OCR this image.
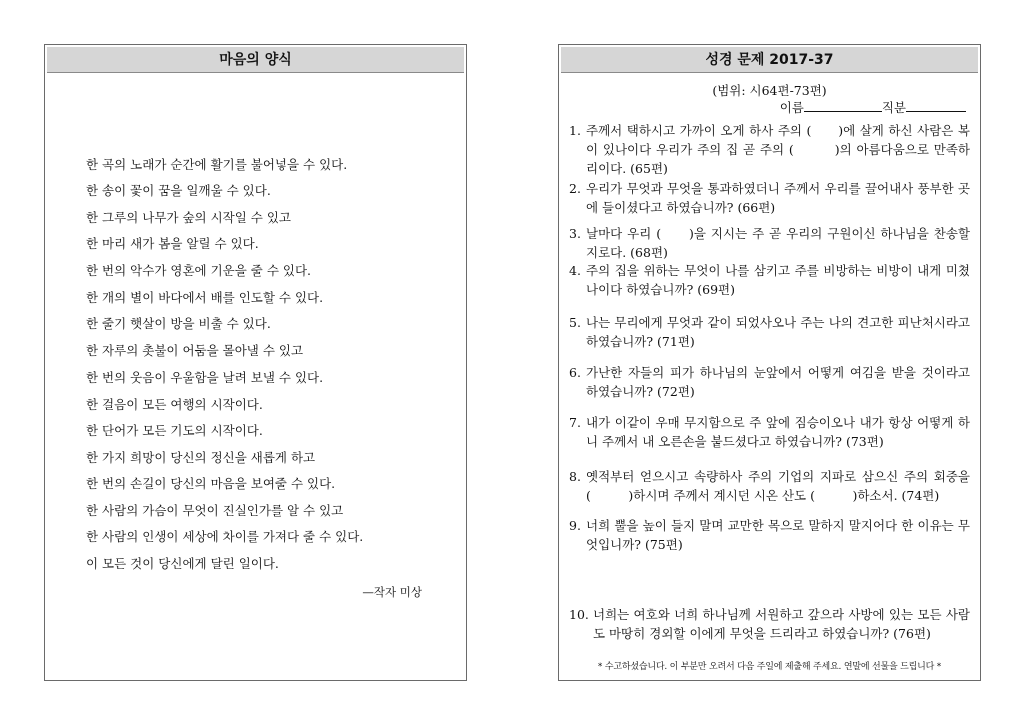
마음의 양식
한 곡의 노래가 순간에 활기를 불어넣을 수 있다.
한 송이 꽃이 꿈을 일깨울 수 있다.
한 그루의 나무가 숲의 시작일 수 있고
한 마리 새가 봄을 알릴 수 있다.
한 번의 악수가 영혼에 기운을 줄 수 있다.
한 개의 별이 바다에서 배를 인도할 수 있다.
한 줄기 햇살이 방을 비출 수 있다.
한 자루의 촛불이 어둠을 몰아낼 수 있고
한 번의 웃음이 우울함을 날려 보낼 수 있다.
한 걸음이 모든 여행의 시작이다.
한 단어가 모든 기도의 시작이다.
한 가지 희망이 당신의 정신을 새롭게 하고
한 번의 손길이 당신의 마음을 보여줄 수 있다.
한 사람의 가슴이 무엇이 진실인가를 알 수 있고
한 사람의 인생이 세상에 차이를 가져다 줄 수 있다.
이 모든 것이 당신에게 달린 일이다.
—작자 미상
성경 문제 2017-37
(범위: 시64편-73편)
이름	직분
1. 주께서 택하시고 가까이 오게 하사 주의 (　　)에 살게 하신 사람은 복이 있나이다 우리가 주의 집 곧 주의 (　　　)의 아름다움으로 만족하리이다. (65편)
2. 우리가 무엇과 무엇을 통과하였더니 주께서 우리를 끌어내사 풍부한 곳에 들이셨다고 하였습니까? (66편)
3. 날마다 우리 (　　)을 지시는 주 곧 우리의 구원이신 하나님을 찬송할지로다. (68편)
4. 주의 집을 위하는 무엇이 나를 삼키고 주를 비방하는 비방이 내게 미쳤나이다 하였습니까? (69편)
5. 나는 무리에게 무엇과 같이 되었사오나 주는 나의 견고한 피난처시라고 하였습니까? (71편)
6. 가난한 자들의 피가 하나님의 눈앞에서 어떻게 여김을 받을 것이라고 하였습니까? (72편)
7. 내가 이같이 우매 무지함으로 주 앞에 짐승이오나 내가 항상 어떻게 하니 주께서 내 오른손을 붙드셨다고 하였습니까? (73편)
8. 옛적부터 얻으시고 속량하사 주의 기업의 지파로 삼으신 주의 회중을 (　　　)하시며 주께서 계시던 시온 산도 (　　　)하소서. (74편)
9. 너희 뿔을 높이 들지 말며 교만한 목으로 말하지 말지어다 한 이유는 무엇입니까? (75편)
10. 너희는 여호와 너희 하나님께 서원하고 갚으라 사방에 있는 모든 사람도 마땅히 경외할 이에게 무엇을 드리라고 하였습니까? (76편)
* 수고하셨습니다. 이 부분만 오려서 다음 주일에 제출해 주세요. 연말에 선물을 드립니다 *
